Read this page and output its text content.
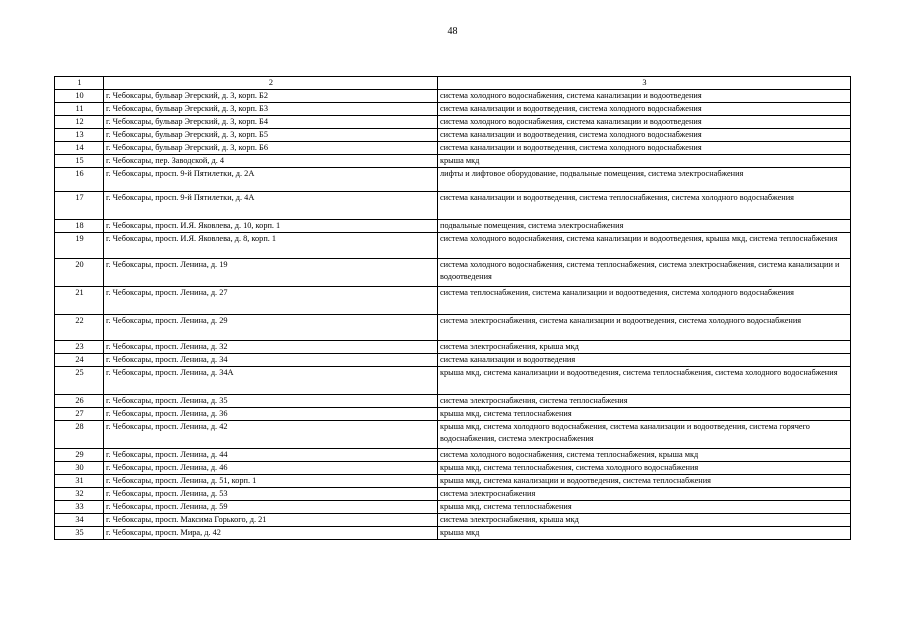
48
1	2	3
10	г. Чебоксары, бульвар Эгерский, д. 3, корп. Б2	система холодного водоснабжения, система канализации и водоотведения
11	г. Чебоксары, бульвар Эгерский, д. 3, корп. Б3	система канализации и водоотведения, система холодного водоснабжения
12	г. Чебоксары, бульвар Эгерский, д. 3, корп. Б4	система холодного водоснабжения, система канализации и водоотведения
13	г. Чебоксары, бульвар Эгерский, д. 3, корп. Б5	система канализации и водоотведения, система холодного водоснабжения
14	г. Чебоксары, бульвар Эгерский, д. 3, корп. Б6	система канализации и водоотведения, система холодного водоснабжения
15	г. Чебоксары, пер. Заводской, д. 4	крыша мкд
16	г. Чебоксары, просп. 9-й Пятилетки, д. 2А	лифты и лифтовое оборудование, подвальные помещения, система электроснабжения
17	г. Чебоксары, просп. 9-й Пятилетки, д. 4А	система канализации и водоотведения, система теплоснабжения, система холодного водоснабжения
18	г. Чебоксары, просп. И.Я. Яковлева, д. 10, корп. 1	подвальные помещения, система электроснабжения
19	г. Чебоксары, просп. И.Я. Яковлева, д. 8, корп. 1	система холодного водоснабжения, система канализации и водоотведения, крыша мкд, система теплоснабжения
20	г. Чебоксары, просп. Ленина, д. 19	система холодного водоснабжения, система теплоснабжения, система электроснабжения, система канализации и водоотведения
21	г. Чебоксары, просп. Ленина, д. 27	система теплоснабжения, система канализации и водоотведения, система холодного водоснабжения
22	г. Чебоксары, просп. Ленина, д. 29	система электроснабжения, система канализации и водоотведения, система холодного водоснабжения
23	г. Чебоксары, просп. Ленина, д. 32	система электроснабжения, крыша мкд
24	г. Чебоксары, просп. Ленина, д. 34	система канализации и водоотведения
25	г. Чебоксары, просп. Ленина, д. 34А	крыша мкд, система канализации и водоотведения, система теплоснабжения, система холодного водоснабжения
26	г. Чебоксары, просп. Ленина, д. 35	система электроснабжения, система теплоснабжения
27	г. Чебоксары, просп. Ленина, д. 36	крыша мкд, система теплоснабжения
28	г. Чебоксары, просп. Ленина, д. 42	крыша мкд, система холодного водоснабжения, система канализации и водоотведения, система горячего водоснабжения, система электроснабжения
29	г. Чебоксары, просп. Ленина, д. 44	система холодного водоснабжения, система теплоснабжения, крыша мкд
30	г. Чебоксары, просп. Ленина, д. 46	крыша мкд, система теплоснабжения, система холодного водоснабжения
31	г. Чебоксары, просп. Ленина, д. 51, корп. 1	крыша мкд, система канализации и водоотведения, система теплоснабжения
32	г. Чебоксары, просп. Ленина, д. 53	система электроснабжения
33	г. Чебоксары, просп. Ленина, д. 59	крыша мкд, система теплоснабжения
34	г. Чебоксары, просп. Максима Горького, д. 21	система электроснабжения, крыша мкд
35	г. Чебоксары, просп. Мира, д. 42	крыша мкд
